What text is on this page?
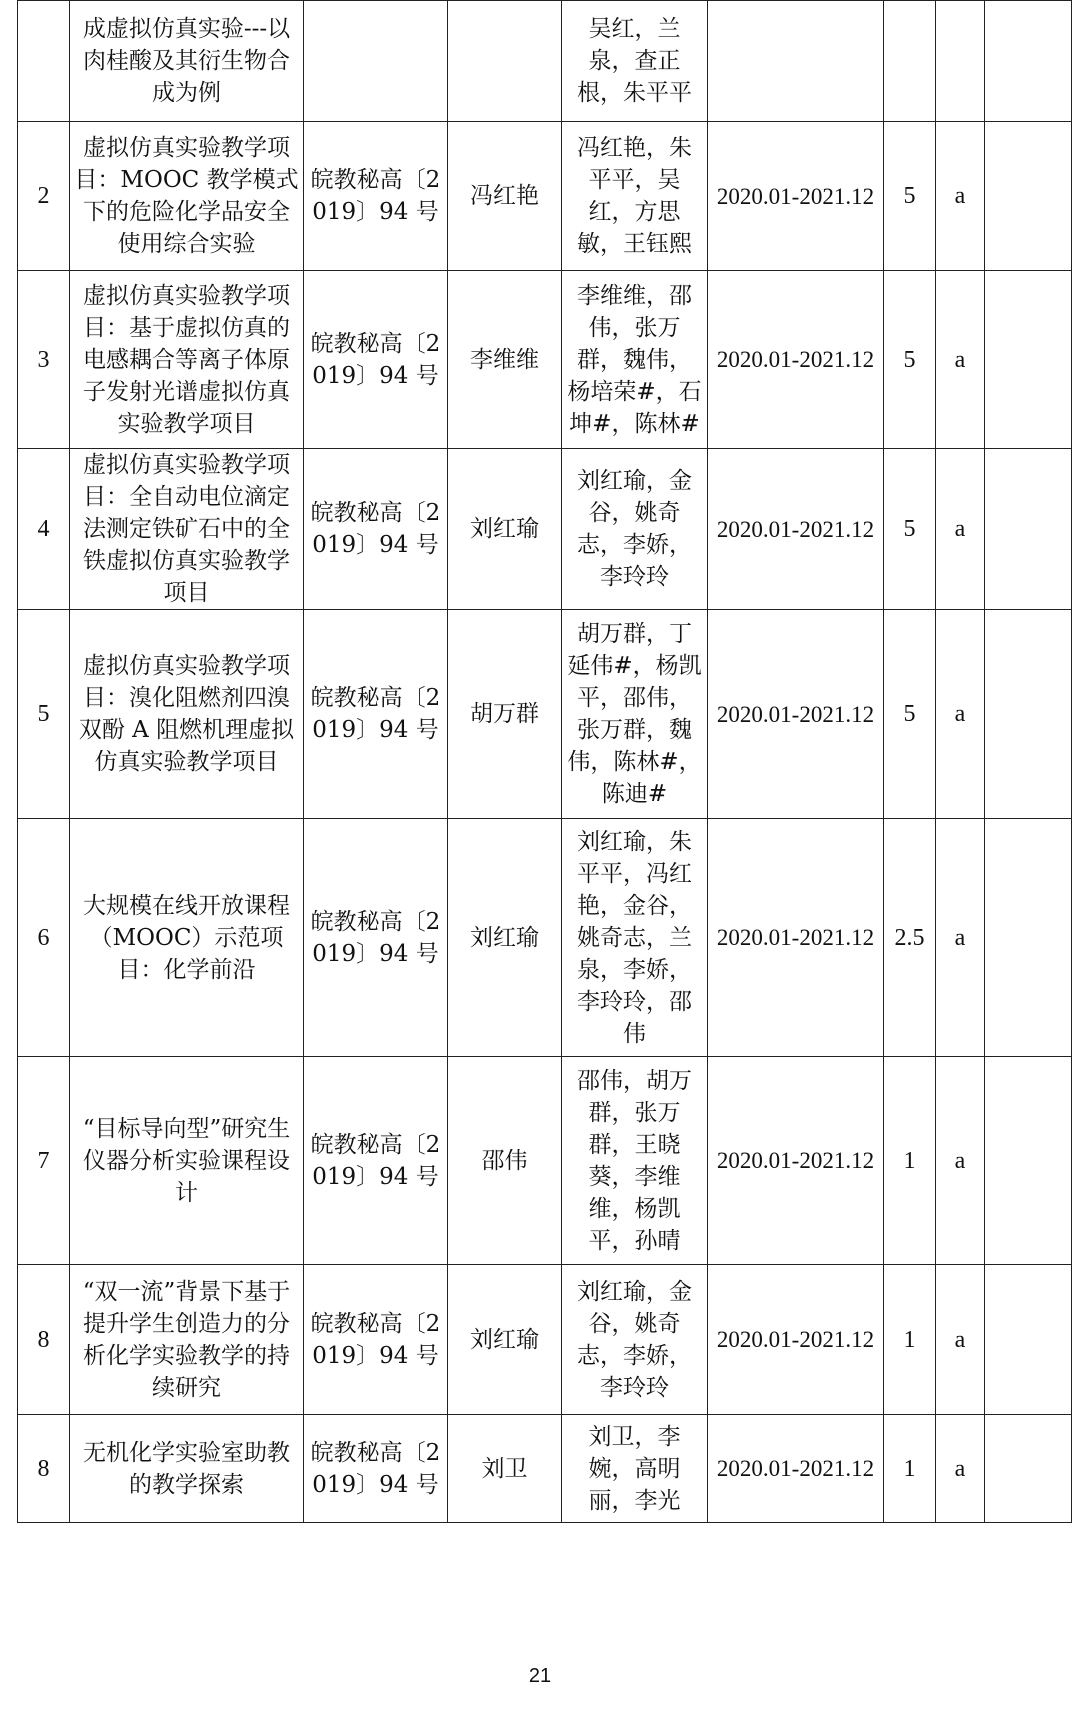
	成虚拟仿真实验---以肉桂酸及其衍生物合成为例			吴红，兰泉，查正根，朱平平				
2	虚拟仿真实验教学项目：MOOC 教学模式下的危险化学品安全使用综合实验	皖教秘高〔2019〕94 号	冯红艳	冯红艳，朱平平，吴红，方思敏，王钰熙	2020.01-2021.12	5	a	
3	虚拟仿真实验教学项目：基于虚拟仿真的电感耦合等离子体原子发射光谱虚拟仿真实验教学项目	皖教秘高〔2019〕94 号	李维维	李维维，邵伟，张万群，魏伟，杨培荣#，石坤#，陈林#	2020.01-2021.12	5	a	
4	虚拟仿真实验教学项目：全自动电位滴定法测定铁矿石中的全铁虚拟仿真实验教学项目	皖教秘高〔2019〕94 号	刘红瑜	刘红瑜，金谷，姚奇志，李娇，李玲玲	2020.01-2021.12	5	a	
5	虚拟仿真实验教学项目：溴化阻燃剂四溴双酚 A 阻燃机理虚拟仿真实验教学项目	皖教秘高〔2019〕94 号	胡万群	胡万群，丁延伟#，杨凯平，邵伟，张万群，魏伟，陈林#，陈迪#	2020.01-2021.12	5	a	
6	大规模在线开放课程（MOOC）示范项目：化学前沿	皖教秘高〔2019〕94 号	刘红瑜	刘红瑜，朱平平，冯红艳，金谷，姚奇志，兰泉，李娇，李玲玲，邵伟	2020.01-2021.12	2.5	a	
7	“目标导向型”研究生仪器分析实验课程设计	皖教秘高〔2019〕94 号	邵伟	邵伟，胡万群，张万群，王晓葵，李维维，杨凯平，孙晴	2020.01-2021.12	1	a	
8	“双一流”背景下基于提升学生创造力的分析化学实验教学的持续研究	皖教秘高〔2019〕94 号	刘红瑜	刘红瑜，金谷，姚奇志，李娇，李玲玲	2020.01-2021.12	1	a	
8	无机化学实验室助教的教学探索	皖教秘高〔2019〕94 号	刘卫	刘卫，李婉，高明丽，李光	2020.01-2021.12	1	a	
21
